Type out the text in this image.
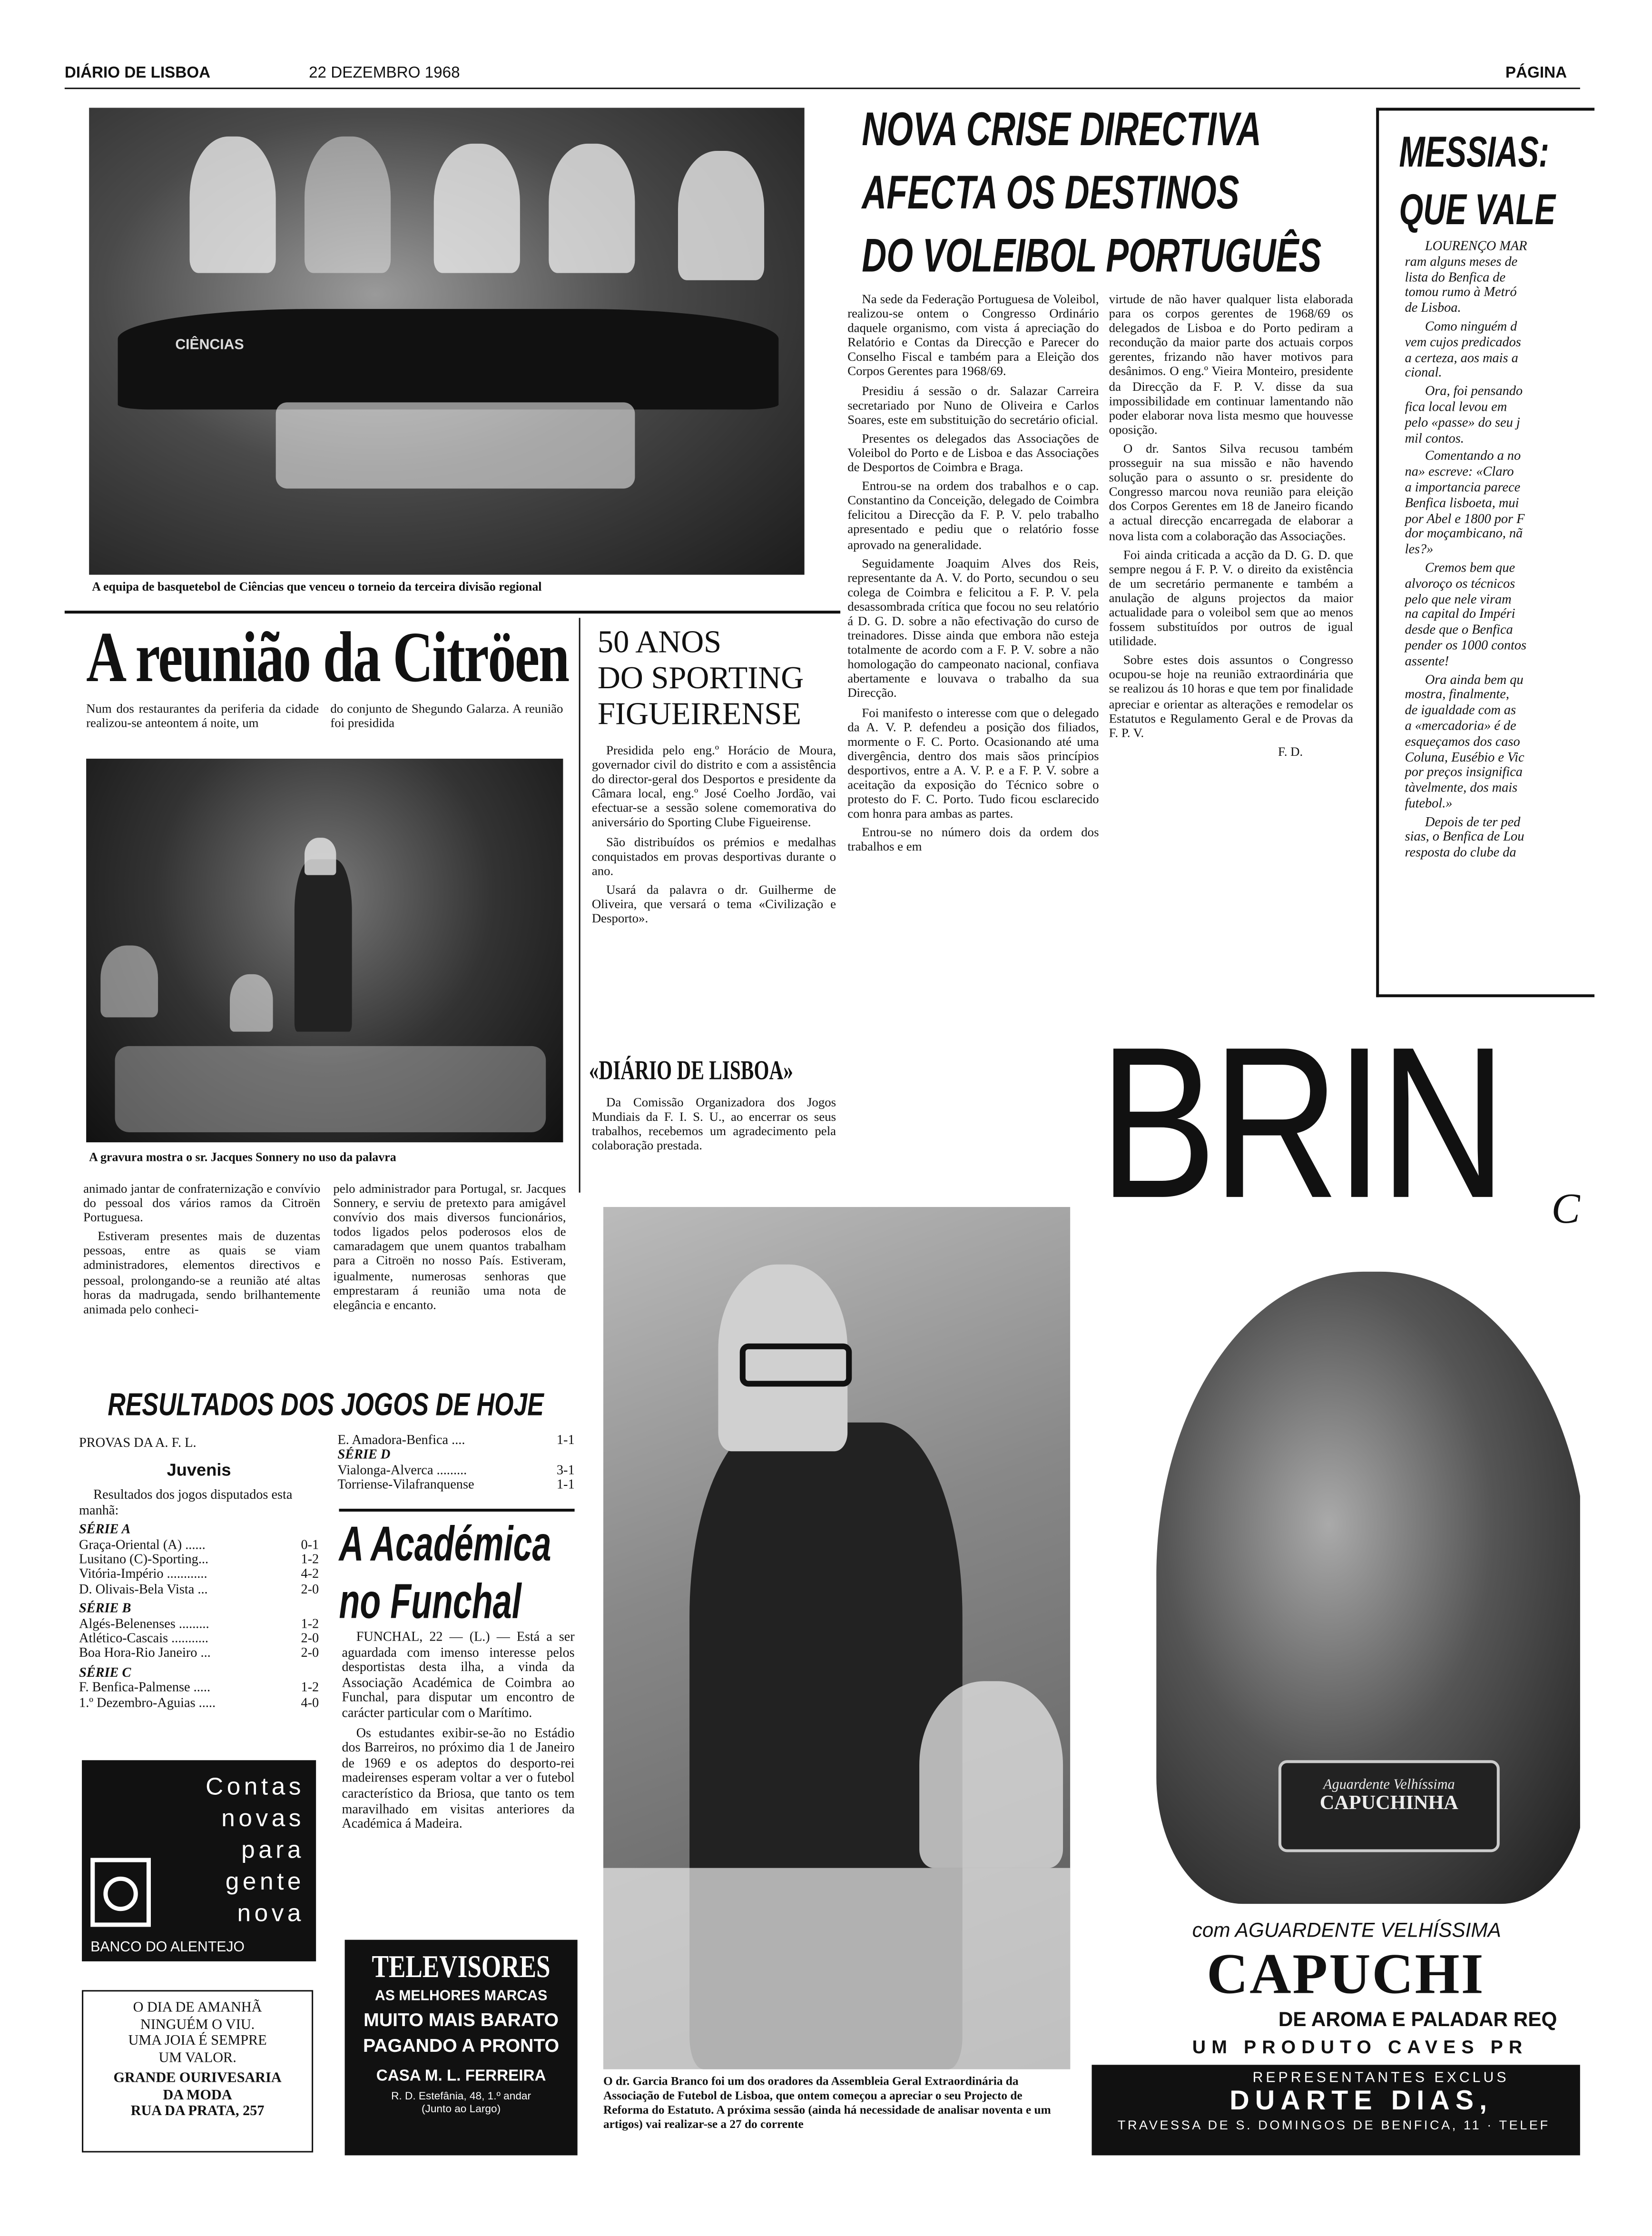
DIÁRIO DE LISBOA	22 DEZEMBRO 1968	PÁGINA
CIÊNCIAS
A equipa de basquetebol de Ciências que venceu o torneio da terceira divisão regional
A reunião da Citröen
Num dos restaurantes da periferia da cidade realizou-se anteontem á noite, um
do conjunto de Shegundo Galarza. A reunião foi presidida
A gravura mostra o sr. Jacques Sonnery no uso da palavra

animado jantar de confraternização e convívio do pessoal dos vários ramos da Citroën Portuguesa.

Estiveram presentes mais de duzentas pessoas, entre as quais se viam administradores, elementos directivos e pessoal, prolongando-se a reunião até altas horas da madrugada, sendo brilhantemente animada pelo conheci-

pelo administrador para Portugal, sr. Jacques Sonnery, e serviu de pretexto para amigável convívio dos mais diversos funcionários, todos ligados pelos poderosos elos de camaradagem que unem quantos trabalham para a Citroën no nosso País. Estiveram, igualmente, numerosas senhoras que emprestaram á reunião uma nota de elegância e encanto.

RESULTADOS DOS JOGOS DE HOJE
PROVAS DA A. F. L.
Juvenis
Resultados dos jogos disputados esta manhã:
SÉRIE A
Graça-Oriental (A) ......	0-1
Lusitano (C)-Sporting...	1-2
Vitória-Império ............	4-2
D. Olivais-Bela Vista ...	2-0
SÉRIE B
Algés-Belenenses .........	1-2
Atlético-Cascais ...........	2-0
Boa Hora-Rio Janeiro ...	2-0
SÉRIE C
F. Benfica-Palmense .....	1-2
1.º Dezembro-Aguias .....	4-0
E. Amadora-Benfica ....	1-1
SÉRIE D
Vialonga-Alverca .........	3-1
Torriense-Vilafranquense	1-1
A Académica
no Funchal

FUNCHAL, 22 — (L.) — Está a ser aguardada com imenso interesse pelos desportistas desta ilha, a vinda da Associação Académica de Coimbra ao Funchal, para disputar um encontro de carácter particular com o Marítimo.

Os estudantes exibir-se-ão no Estádio dos Barreiros, no próximo dia 1 de Janeiro de 1969 e os adeptos do desporto-rei madeirenses esperam voltar a ver o futebol característico da Briosa, que tanto os tem maravilhado em visitas anteriores da Académica á Madeira.

Contas
novas
para
gente
nova
BANCO DO ALENTEJO
O DIA DE AMANHÃ
NINGUÉM O VIU.
UMA JOIA É SEMPRE
UM VALOR.
GRANDE OURIVESARIA
DA MODA
RUA DA PRATA, 257
TELEVISORES
AS MELHORES MARCAS
MUITO MAIS BARATO
PAGANDO A PRONTO
CASA M. L. FERREIRA
R. D. Estefânia, 48, 1.º andar
(Junto ao Largo)
50 ANOS
DO SPORTING
FIGUEIRENSE

Presidida pelo eng.º Horácio de Moura, governador civil do distrito e com a assistência do director-geral dos Desportos e presidente da Câmara local, eng.º José Coelho Jordão, vai efectuar-se a sessão solene comemorativa do aniversário do Sporting Clube Figueirense.

São distribuídos os prémios e medalhas conquistados em provas desportivas durante o ano.

Usará da palavra o dr. Guilherme de Oliveira, que versará o tema «Civilização e Desporto».

«DIÁRIO DE LISBOA»

Da Comissão Organizadora dos Jogos Mundiais da F. I. S. U., ao encerrar os seus trabalhos, recebemos um agradecimento pela colaboração prestada.

NOVA CRISE DIRECTIVA
AFECTA OS DESTINOS
DO VOLEIBOL PORTUGUÊS

Na sede da Federação Portuguesa de Voleibol, realizou-se ontem o Congresso Ordinário daquele organismo, com vista á apreciação do Relatório e Contas da Direcção e Parecer do Conselho Fiscal e também para a Eleição dos Corpos Gerentes para 1968/69.

Presidiu á sessão o dr. Salazar Carreira secretariado por Nuno de Oliveira e Carlos Soares, este em substituição do secretário oficial.

Presentes os delegados das Associações de Voleibol do Porto e de Lisboa e das Associações de Desportos de Coimbra e Braga.

Entrou-se na ordem dos trabalhos e o cap. Constantino da Conceição, delegado de Coimbra felicitou a Direcção da F. P. V. pelo trabalho apresentado e pediu que o relatório fosse aprovado na generalidade.

Seguidamente Joaquim Alves dos Reis, representante da A. V. do Porto, secundou o seu colega de Coimbra e felicitou a F. P. V. pela desassombrada crítica que focou no seu relatório á D. G. D. sobre a não efectivação do curso de treinadores. Disse ainda que embora não esteja totalmente de acordo com a F. P. V. sobre a não homologação do campeonato nacional, confiava abertamente e louvava o trabalho da sua Direcção.

Foi manifesto o interesse com que o delegado da A. V. P. defendeu a posição dos filiados, mormente o F. C. Porto. Ocasionando até uma divergência, dentro dos mais sãos princípios desportivos, entre a A. V. P. e a F. P. V. sobre a aceitação da exposição do Técnico sobre o protesto do F. C. Porto. Tudo ficou esclarecido com honra para ambas as partes.

Entrou-se no número dois da ordem dos trabalhos e em

virtude de não haver qualquer lista elaborada para os corpos gerentes de 1968/69 os delegados de Lisboa e do Porto pediram a recondução da maior parte dos actuais corpos gerentes, frizando não haver motivos para desânimos. O eng.º Vieira Monteiro, presidente da Direcção da F. P. V. disse da sua impossibilidade em continuar lamentando não poder elaborar nova lista mesmo que houvesse oposição.

O dr. Santos Silva recusou também prosseguir na sua missão e não havendo solução para o assunto o sr. presidente do Congresso marcou nova reunião para eleição dos Corpos Gerentes em 18 de Janeiro ficando a actual direcção encarregada de elaborar a nova lista com a colaboração das Associações.

Foi ainda criticada a acção da D. G. D. que sempre negou á F. P. V. o direito da existência de um secretário permanente e também a anulação de alguns projectos da maior actualidade para o voleibol sem que ao menos fossem substituídos por outros de igual utilidade.

Sobre estes dois assuntos o Congresso ocupou-se hoje na reunião extraordinária que se realizou ás 10 horas e que tem por finalidade apreciar e orientar as alterações e remodelar os Estatutos e Regulamento Geral e de Provas da F. P. V.

F. D.
MESSIAS:
QUE VALE

LOURENÇO MAR
ram alguns meses de
lista do Benfica de
tomou rumo à Metró
de Lisboa.

Como ninguém d
vem cujos predicados
a certeza, aos mais a
cional.

Ora, foi pensando
fica local levou em
pelo «passe» do seu j
mil contos.

Comentando a no
na» escreve: «Claro
a importancia parece
Benfica lisboeta, mui
por Abel e 1800 por F
dor moçambicano, nã
les?»

Cremos bem que
alvoroço os técnicos
pelo que nele viram
na capital do Impéri
desde que o Benfica
pender os 1000 contos
assente!

Ora ainda bem qu
mostra, finalmente,
de igualdade com as
a «mercadoria» é de
esqueçamos dos caso
Coluna, Eusébio e Vic
por preços insignifica
tàvelmente, dos mais
futebol.»

Depois de ter ped
sias, o Benfica de Lou
resposta do clube da

O dr. Garcia Branco foi um dos oradores da Assembleia Geral Extraordinária da Associação de Futebol de Lisboa, que ontem começou a apreciar o seu Projecto de Reforma do Estatuto. A próxima sessão (ainda há necessidade de analisar noventa e um artigos) vai realizar-se a 27 do corrente
BRIN	C
Aguardente Velhíssima
CAPUCHINHA
com AGUARDENTE VELHÍSSIMA
CAPUCHI
DE AROMA E PALADAR REQ
UM PRODUTO CAVES PR
REPRESENTANTES EXCLUS
DUARTE DIAS,
TRAVESSA DE S. DOMINGOS DE BENFICA, 11 · TELEF
